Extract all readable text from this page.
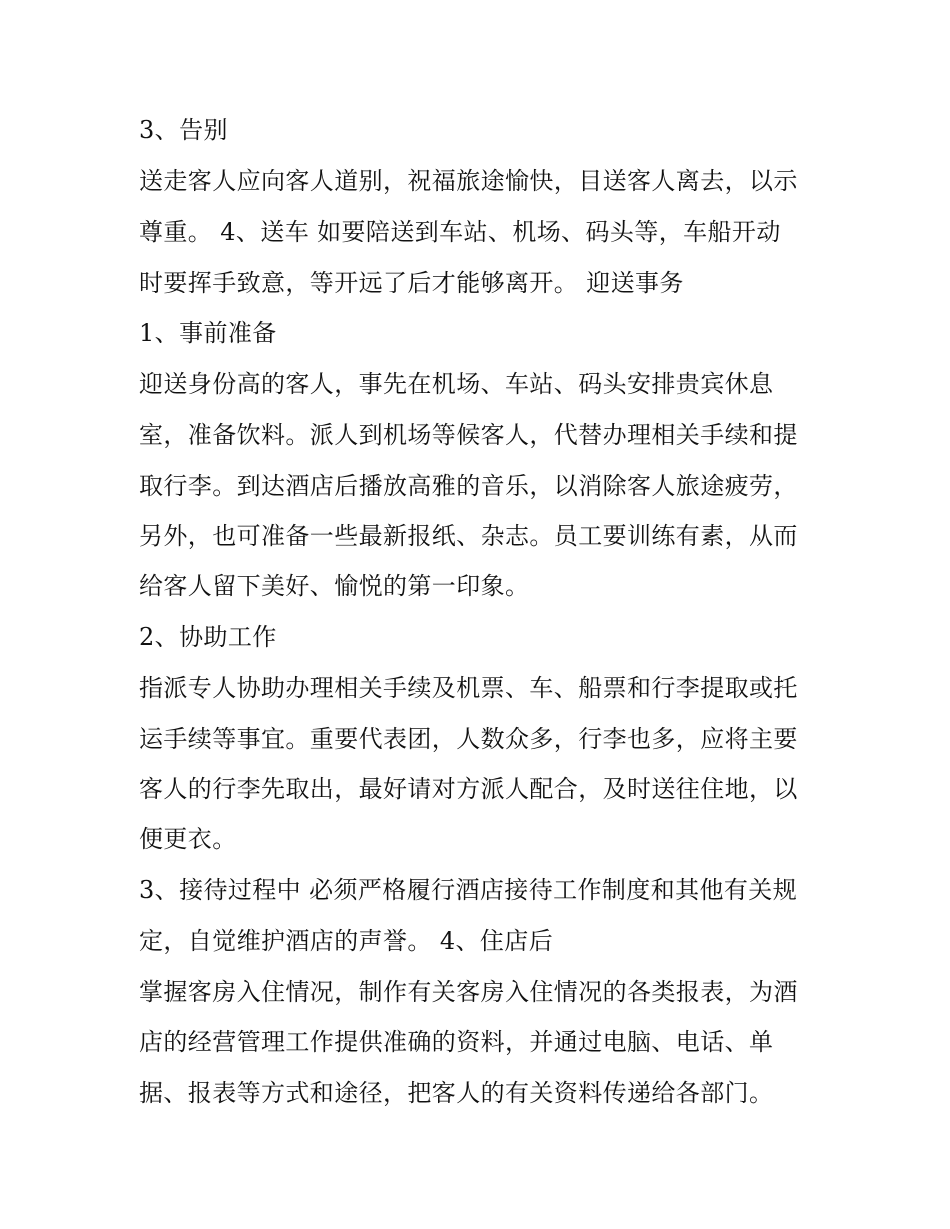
3、告别
送走客人应向客人道别，祝福旅途愉快，目送客人离去，以示
尊重。 4、送车 如要陪送到车站、机场、码头等，车船开动
时要挥手致意，等开远了后才能够离开。 迎送事务
1、事前准备
迎送身份高的客人，事先在机场、车站、码头安排贵宾休息
室，准备饮料。派人到机场等候客人，代替办理相关手续和提
取行李。到达酒店后播放高雅的音乐，以消除客人旅途疲劳，
另外，也可准备一些最新报纸、杂志。员工要训练有素，从而
给客人留下美好、愉悦的第一印象。
2、协助工作
指派专人协助办理相关手续及机票、车、船票和行李提取或托
运手续等事宜。重要代表团，人数众多，行李也多，应将主要
客人的行李先取出，最好请对方派人配合，及时送往住地，以
便更衣。
3、接待过程中 必须严格履行酒店接待工作制度和其他有关规
定，自觉维护酒店的声誉。 4、住店后
掌握客房入住情况，制作有关客房入住情况的各类报表，为酒
店的经营管理工作提供准确的资料，并通过电脑、电话、单
据、报表等方式和途径，把客人的有关资料传递给各部门。
